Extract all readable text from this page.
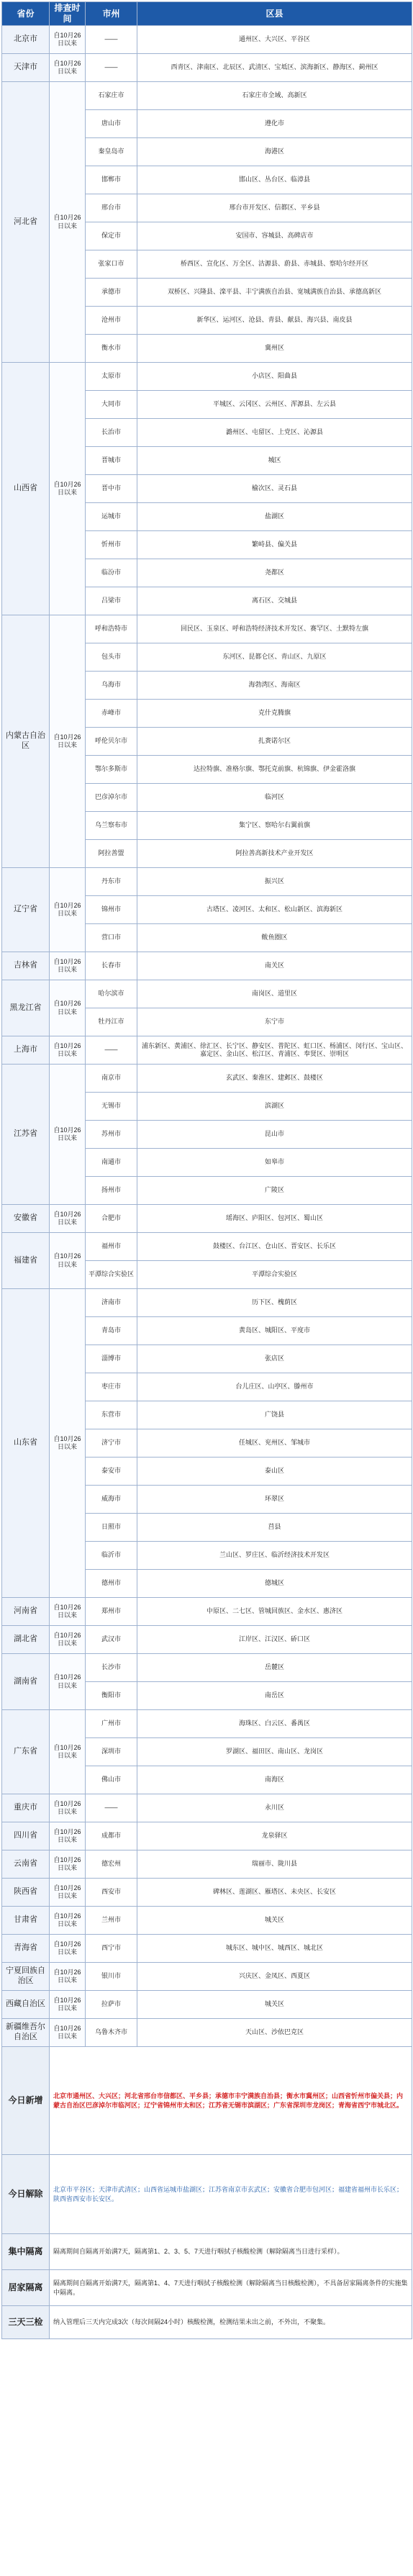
省份	排查时间	市州	区县
北京市	自10月26日以来	——	通州区、大兴区、平谷区
天津市	自10月26日以来	——	西青区、津南区、北辰区、武清区、宝坻区、滨海新区、静海区、蓟州区
河北省	自10月26日以来	石家庄市	石家庄市全域、高新区
		唐山市	遵化市
		秦皇岛市	海港区
		邯郸市	邯山区、丛台区、临漳县
		邢台市	邢台市开发区、信都区、平乡县
		保定市	安国市、容城县、高碑店市
		张家口市	桥西区、宣化区、万全区、沽源县、蔚县、赤城县、察哈尔经开区
		承德市	双桥区、兴隆县、滦平县、丰宁满族自治县、宽城满族自治县、承德高新区
		沧州市	新华区、运河区、沧县、青县、献县、海兴县、南皮县
		衡水市	冀州区
山西省	自10月26日以来	太原市	小店区、阳曲县
		大同市	平城区、云冈区、云州区、浑源县、左云县
		长治市	潞州区、屯留区、上党区、沁源县
		晋城市	城区
		晋中市	榆次区、灵石县
		运城市	盐湖区
		忻州市	繁峙县、偏关县
		临汾市	尧都区
		吕梁市	离石区、交城县
内蒙古自治区	自10月26日以来	呼和浩特市	回民区、玉泉区、呼和浩特经济技术开发区、赛罕区、土默特左旗
		包头市	东河区、昆都仑区、青山区、九原区
		乌海市	海勃湾区、海南区
		赤峰市	克什克腾旗
		呼伦贝尔市	扎赉诺尔区
		鄂尔多斯市	达拉特旗、准格尔旗、鄂托克前旗、杭锦旗、伊金霍洛旗
		巴彦淖尔市	临河区
		乌兰察布市	集宁区、察哈尔右翼前旗
		阿拉善盟	阿拉善高新技术产业开发区
辽宁省	自10月26日以来	丹东市	振兴区
		锦州市	古塔区、凌河区、太和区、松山新区、滨海新区
		营口市	鲅鱼圈区
吉林省	自10月26日以来	长春市	南关区
黑龙江省	自10月26日以来	哈尔滨市	南岗区、道里区
		牡丹江市	东宁市
上海市	自10月26日以来	——	浦东新区、黄浦区、徐汇区、长宁区、静安区、普陀区、虹口区、杨浦区、闵行区、宝山区、嘉定区、金山区、松江区、青浦区、奉贤区、崇明区
江苏省	自10月26日以来	南京市	玄武区、秦淮区、建邺区、鼓楼区
		无锡市	滨湖区
		苏州市	昆山市
		南通市	如皋市
		扬州市	广陵区
安徽省	自10月26日以来	合肥市	瑶海区、庐阳区、包河区、蜀山区
福建省	自10月26日以来	福州市	鼓楼区、台江区、仓山区、晋安区、长乐区
		平潭综合实验区	平潭综合实验区
山东省	自10月26日以来	济南市	历下区、槐荫区
		青岛市	黄岛区、城阳区、平度市
		淄博市	张店区
		枣庄市	台儿庄区、山亭区、滕州市
		东营市	广饶县
		济宁市	任城区、兖州区、邹城市
		泰安市	泰山区
		威海市	环翠区
		日照市	莒县
		临沂市	兰山区、罗庄区、临沂经济技术开发区
		德州市	德城区
河南省	自10月26日以来	郑州市	中原区、二七区、管城回族区、金水区、惠济区
湖北省	自10月26日以来	武汉市	江岸区、江汉区、硚口区
湖南省	自10月26日以来	长沙市	岳麓区
		衡阳市	南岳区
广东省	自10月26日以来	广州市	海珠区、白云区、番禺区
		深圳市	罗湖区、福田区、南山区、龙岗区
		佛山市	南海区
重庆市	自10月26日以来	——	永川区
四川省	自10月26日以来	成都市	龙泉驿区
云南省	自10月26日以来	德宏州	瑞丽市、陇川县
陕西省	自10月26日以来	西安市	碑林区、莲湖区、雁塔区、未央区、长安区
甘肃省	自10月26日以来	兰州市	城关区
青海省	自10月26日以来	西宁市	城东区、城中区、城西区、城北区
宁夏回族自治区	自10月26日以来	银川市	兴庆区、金凤区、西夏区
西藏自治区	自10月26日以来	拉萨市	城关区
新疆维吾尔自治区	自10月26日以来	乌鲁木齐市	天山区、沙依巴克区
今日新增	北京市通州区、大兴区；河北省邢台市信都区、平乡县；承德市丰宁满族自治县；衡水市冀州区；山西省忻州市偏关县；内蒙古自治区巴彦淖尔市临河区；辽宁省锦州市太和区；江苏省无锡市滨湖区；广东省深圳市龙岗区；青海省西宁市城北区。		
今日解除	北京市平谷区；天津市武清区；山西省运城市盐湖区；江苏省南京市玄武区；安徽省合肥市包河区；福建省福州市长乐区；陕西省西安市长安区。		
集中隔离	隔离期间自隔离开始满7天，隔离第1、2、3、5、7天进行咽拭子核酸检测（解除隔离当日进行采样）。		
居家隔离	隔离期间自隔离开始满7天，隔离第1、4、7天进行咽拭子核酸检测（解除隔离当日核酸检测），不具备居家隔离条件的实施集中隔离。		
三天三检	纳入管理后三天内完成3次（每次间隔24小时）核酸检测，检测结果未出之前，不外出，不聚集。		
